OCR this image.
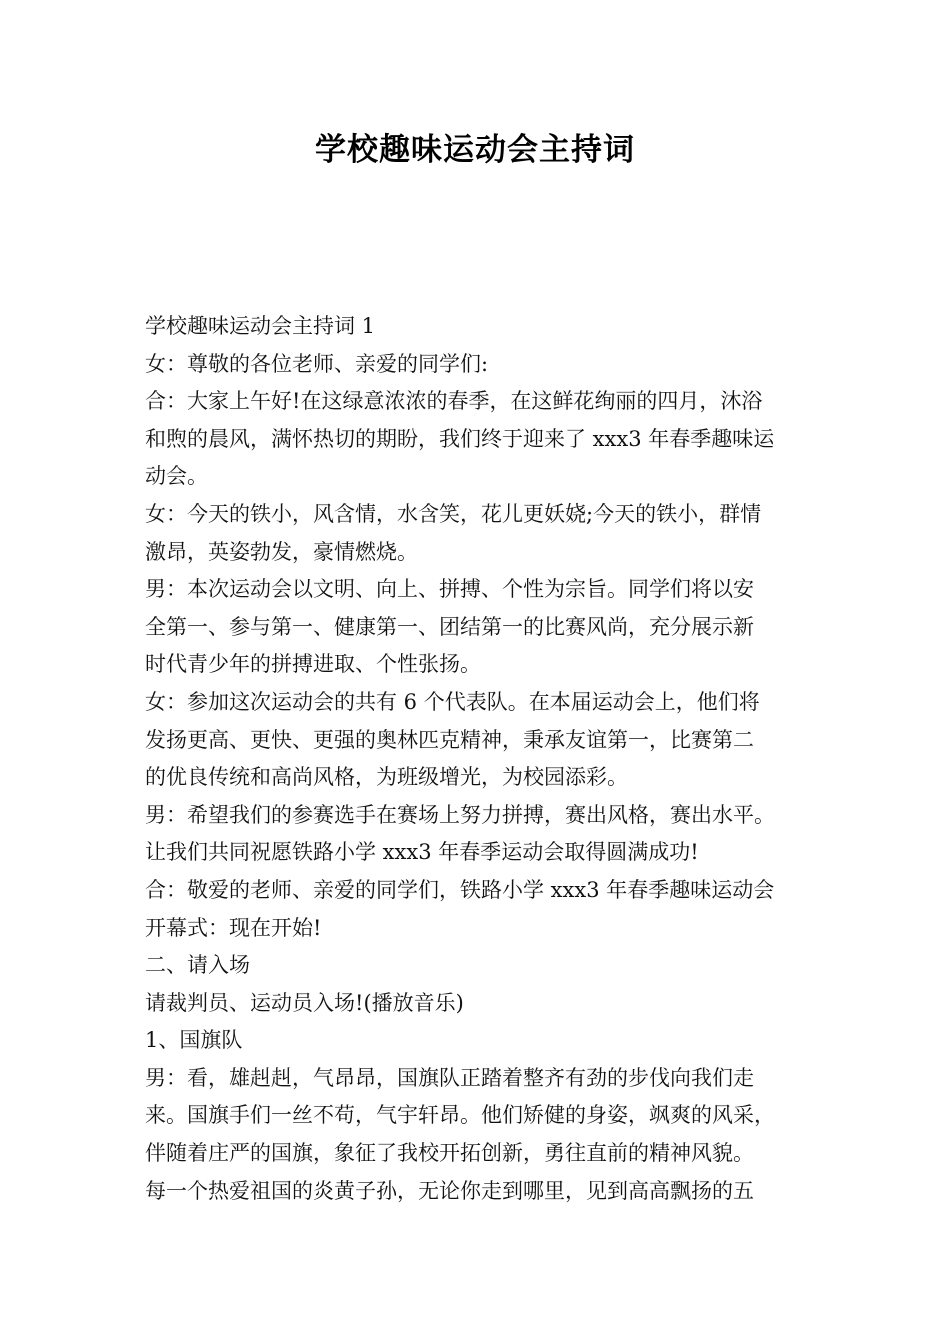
学校趣味运动会主持词
学校趣味运动会主持词 1
女：尊敬的各位老师、亲爱的同学们:
合：大家上午好!在这绿意浓浓的春季，在这鲜花绚丽的四月，沐浴
和煦的晨风，满怀热切的期盼，我们终于迎来了 xxx3 年春季趣味运
动会。
女：今天的铁小，风含情，水含笑，花儿更妖娆;今天的铁小，群情
激昂，英姿勃发，豪情燃烧。
男：本次运动会以文明、向上、拼搏、个性为宗旨。同学们将以安
全第一、参与第一、健康第一、团结第一的比赛风尚，充分展示新
时代青少年的拼搏进取、个性张扬。
女：参加这次运动会的共有 6 个代表队。在本届运动会上，他们将
发扬更高、更快、更强的奥林匹克精神，秉承友谊第一，比赛第二
的优良传统和高尚风格，为班级增光，为校园添彩。
男：希望我们的参赛选手在赛场上努力拼搏，赛出风格，赛出水平。
让我们共同祝愿铁路小学 xxx3 年春季运动会取得圆满成功!
合：敬爱的老师、亲爱的同学们，铁路小学 xxx3 年春季趣味运动会
开幕式：现在开始!
二、请入场
请裁判员、运动员入场!(播放音乐)
1、国旗队
男：看，雄赳赳，气昂昂，国旗队正踏着整齐有劲的步伐向我们走
来。国旗手们一丝不苟，气宇轩昂。他们矫健的身姿，飒爽的风采，
伴随着庄严的国旗，象征了我校开拓创新，勇往直前的精神风貌。
每一个热爱祖国的炎黄子孙，无论你走到哪里，见到高高飘扬的五
